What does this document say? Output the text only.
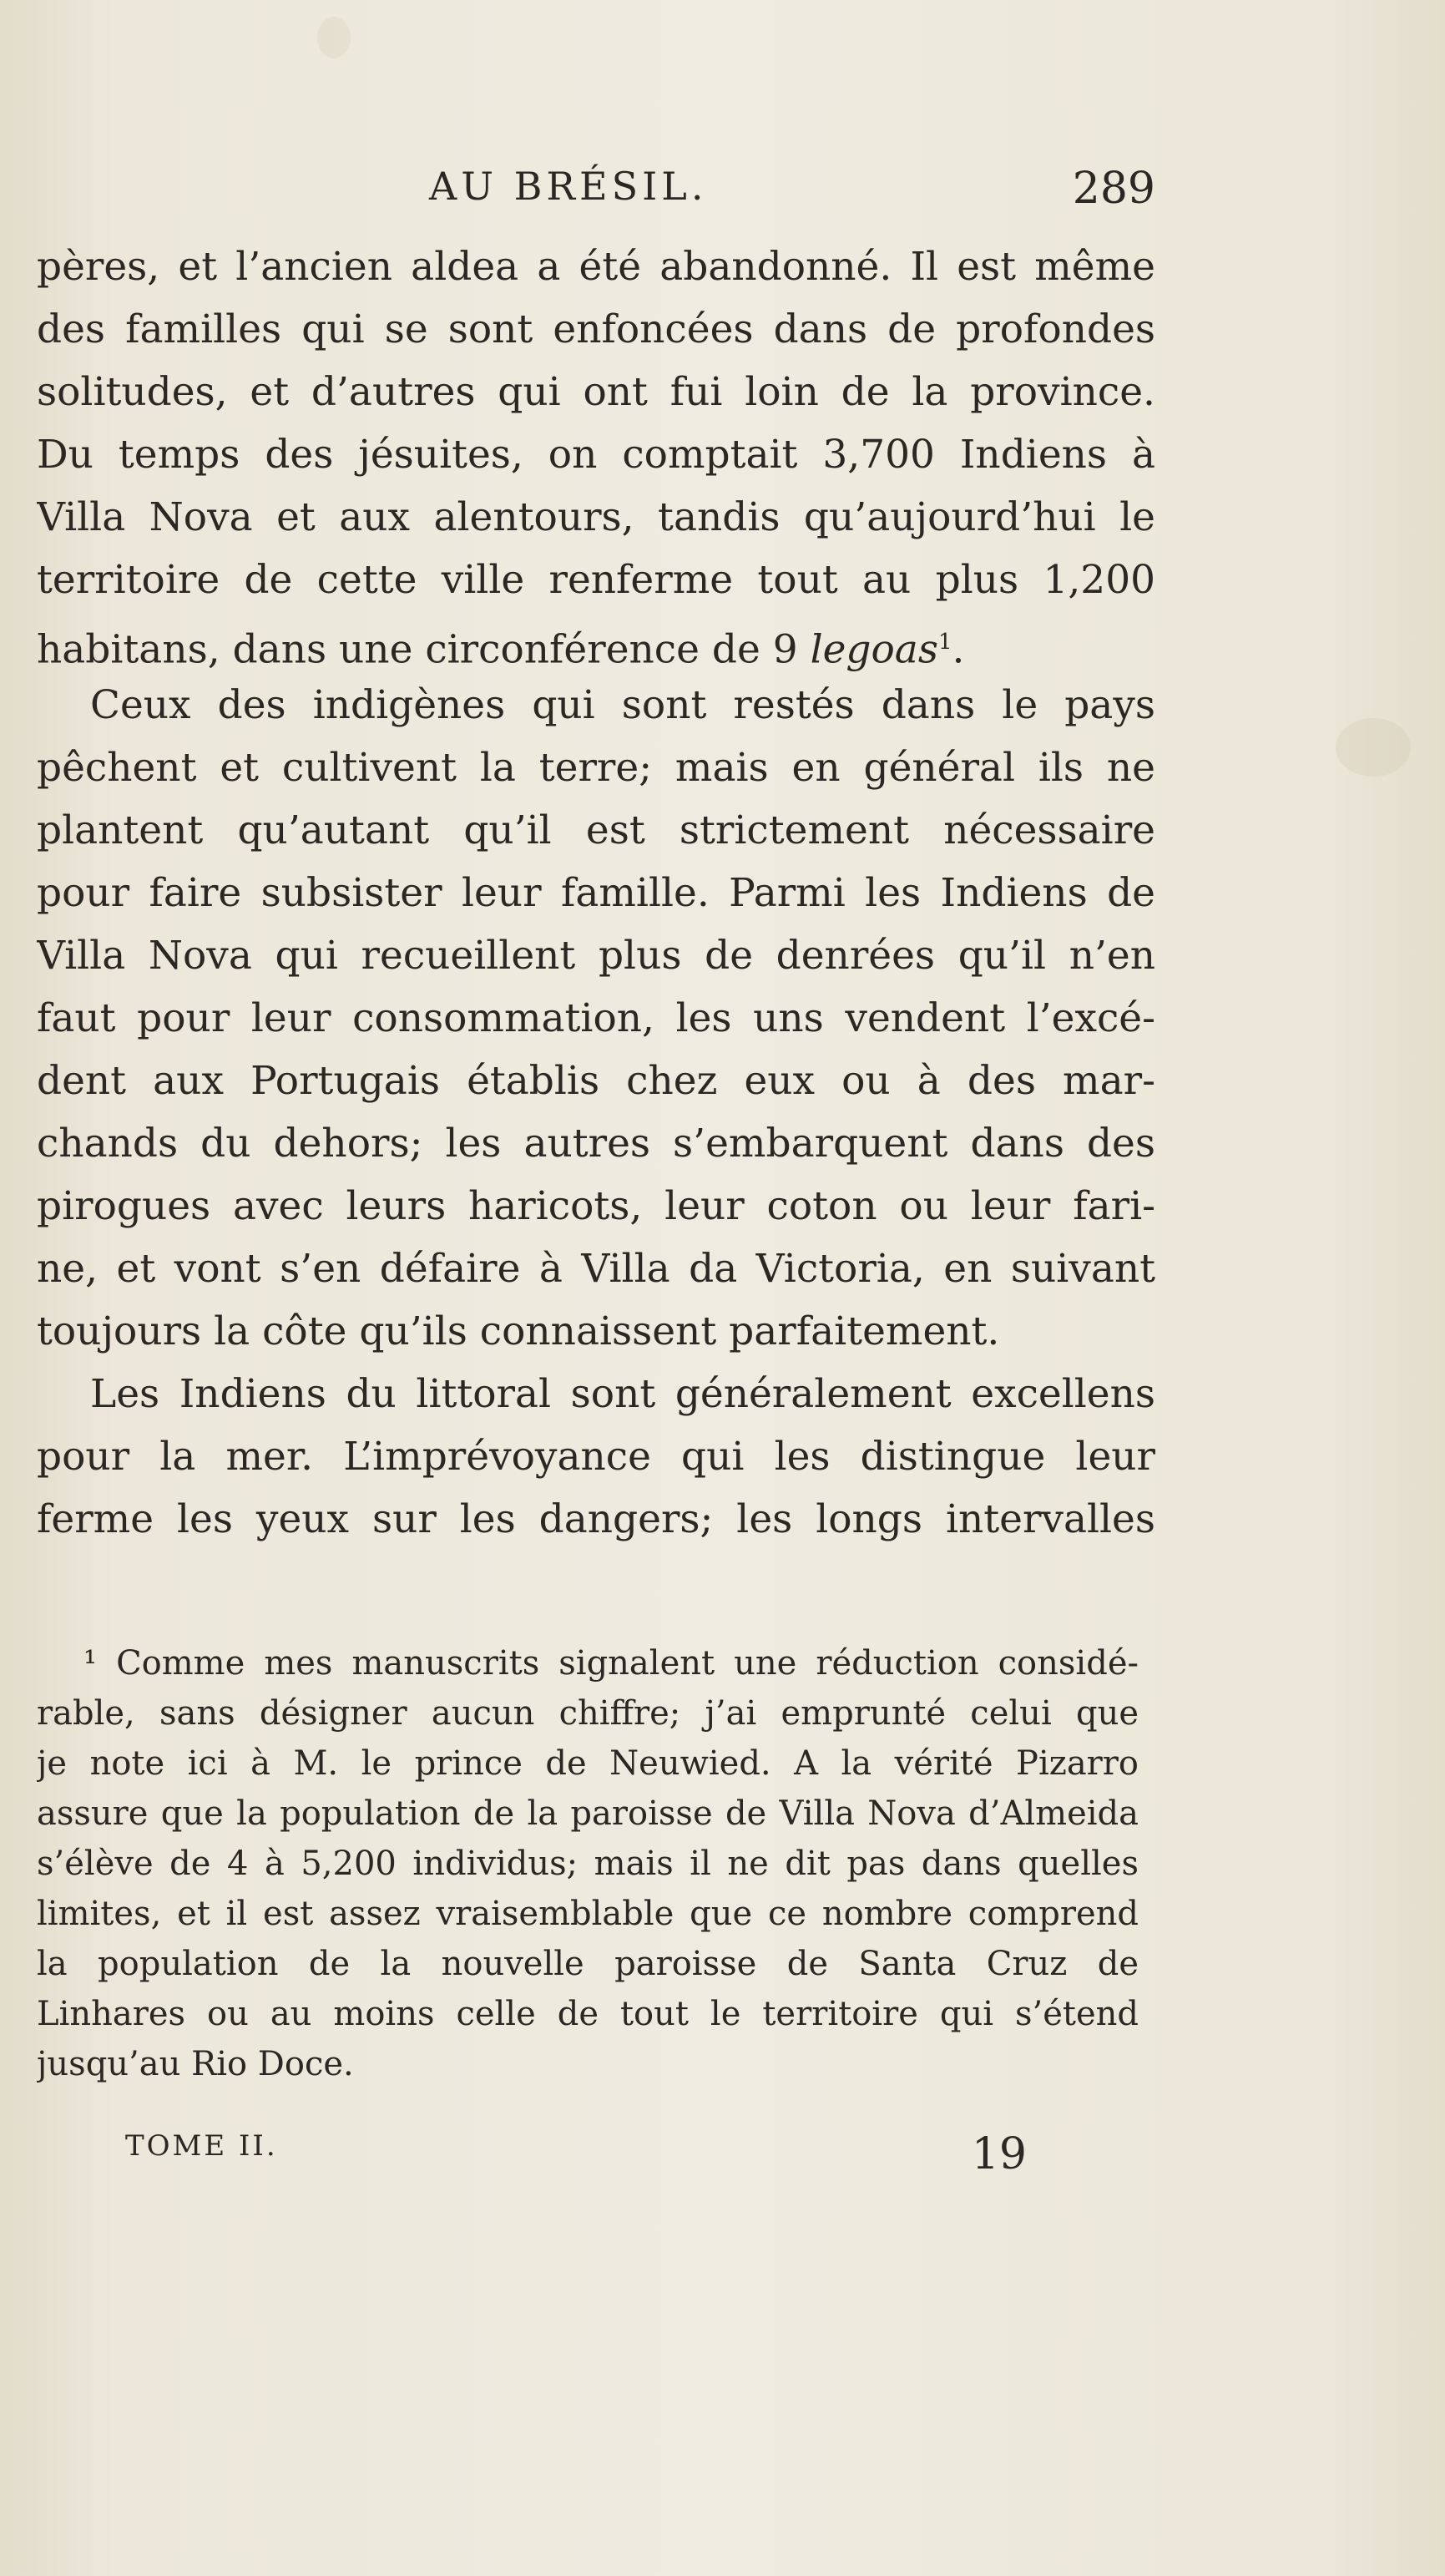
AU BRÉSIL.	289
pères, et l’ancien aldea a été abandonné. Il est même
des familles qui se sont enfoncées dans de profondes
solitudes, et d’autres qui ont fui loin de la province.
Du temps des jésuites, on comptait 3,700 Indiens à
Villa Nova et aux alentours, tandis qu’aujourd’hui le
territoire de cette ville renferme tout au plus 1,200
habitans, dans une circonférence de 9 legoas$^1$.
Ceux des indigènes qui sont restés dans le pays
pêchent et cultivent la terre; mais en général ils ne
plantent qu’autant qu’il est strictement nécessaire
pour faire subsister leur famille. Parmi les Indiens de
Villa Nova qui recueillent plus de denrées qu’il n’en
faut pour leur consommation, les uns vendent l’excé-
dent aux Portugais établis chez eux ou à des mar-
chands du dehors; les autres s’embarquent dans des
pirogues avec leurs haricots, leur coton ou leur fari-
ne, et vont s’en défaire à Villa da Victoria, en suivant
toujours la côte qu’ils connaissent parfaitement.
Les Indiens du littoral sont généralement excellens
pour la mer. L’imprévoyance qui les distingue leur
ferme les yeux sur les dangers; les longs intervalles
¹ Comme mes manuscrits signalent une réduction considé-
rable, sans désigner aucun chiffre; j’ai emprunté celui que
je note ici à M. le prince de Neuwied. A la vérité Pizarro
assure que la population de la paroisse de Villa Nova d’Almeida
s’élève de 4 à 5,200 individus; mais il ne dit pas dans quelles
limites, et il est assez vraisemblable que ce nombre comprend
la population de la nouvelle paroisse de Santa Cruz de
Linhares ou au moins celle de tout le territoire qui s’étend
jusqu’au Rio Doce.
TOME II.	19
